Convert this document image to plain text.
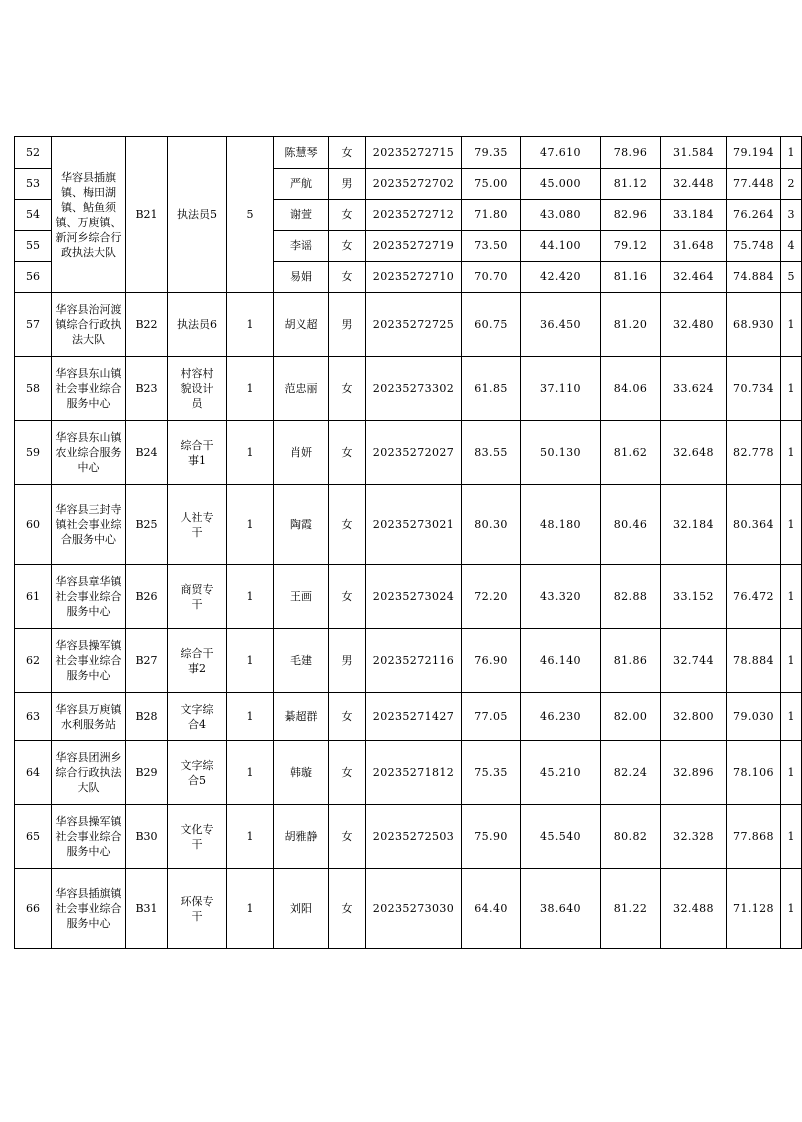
52	华容县插旗镇、梅田湖镇、鲇鱼须镇、万庾镇、新河乡综合行政执法大队	B21	执法员5	5	陈慧琴	女	20235272715	79.35	47.610	78.96	31.584	79.194	1
53					严航	男	20235272702	75.00	45.000	81.12	32.448	77.448	2
54					谢萱	女	20235272712	71.80	43.080	82.96	33.184	76.264	3
55					李谣	女	20235272719	73.50	44.100	79.12	31.648	75.748	4
56					易娟	女	20235272710	70.70	42.420	81.16	32.464	74.884	5
57	华容县治河渡镇综合行政执法大队	B22	执法员6	1	胡义超	男	20235272725	60.75	36.450	81.20	32.480	68.930	1
58	华容县东山镇社会事业综合服务中心	B23	村容村貌设计员	1	范忠丽	女	20235273302	61.85	37.110	84.06	33.624	70.734	1
59	华容县东山镇农业综合服务中心	B24	综合干事1	1	肖妍	女	20235272027	83.55	50.130	81.62	32.648	82.778	1
60	华容县三封寺镇社会事业综合服务中心	B25	人社专干	1	陶霞	女	20235273021	80.30	48.180	80.46	32.184	80.364	1
61	华容县章华镇社会事业综合服务中心	B26	商贸专干	1	王画	女	20235273024	72.20	43.320	82.88	33.152	76.472	1
62	华容县操军镇社会事业综合服务中心	B27	综合干事2	1	毛建	男	20235272116	76.90	46.140	81.86	32.744	78.884	1
63	华容县万庾镇水利服务站	B28	文字综合4	1	綦超群	女	20235271427	77.05	46.230	82.00	32.800	79.030	1
64	华容县团洲乡综合行政执法大队	B29	文字综合5	1	韩璇	女	20235271812	75.35	45.210	82.24	32.896	78.106	1
65	华容县操军镇社会事业综合服务中心	B30	文化专干	1	胡雅静	女	20235272503	75.90	45.540	80.82	32.328	77.868	1
66	华容县插旗镇社会事业综合服务中心	B31	环保专干	1	刘阳	女	20235273030	64.40	38.640	81.22	32.488	71.128	1
